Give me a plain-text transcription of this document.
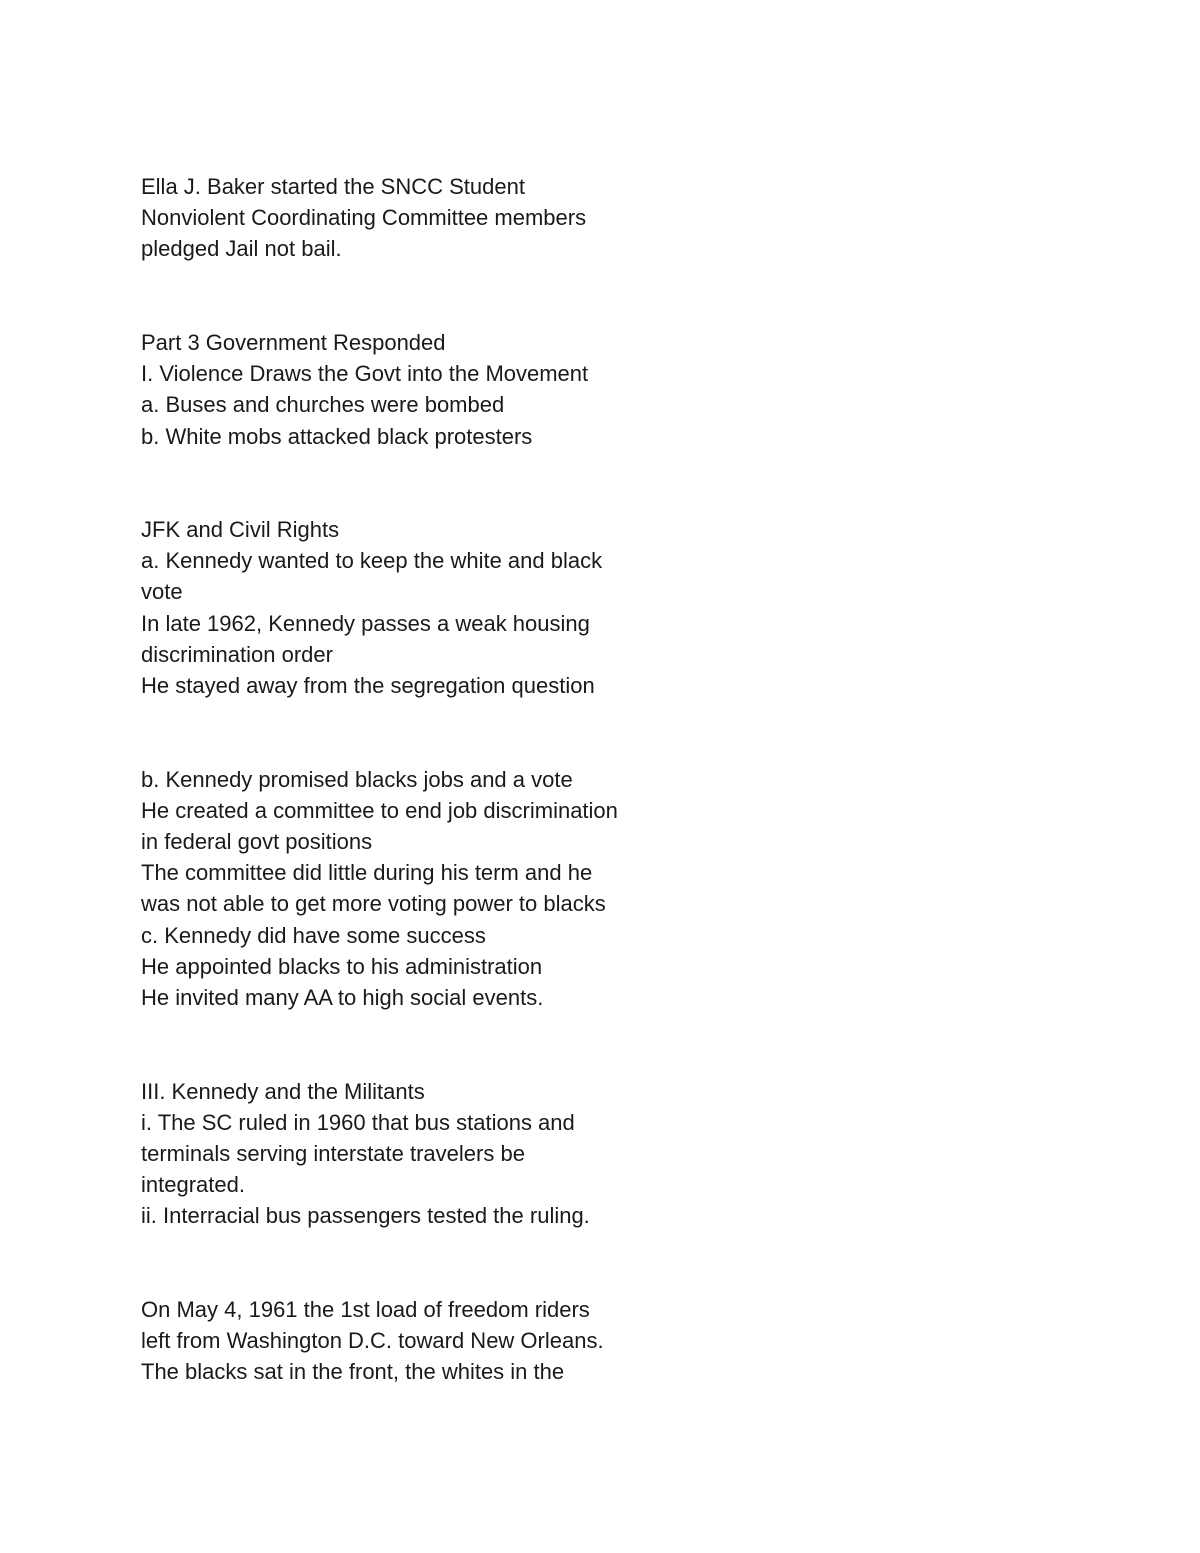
Ella J. Baker started the SNCC Student
Nonviolent Coordinating Committee members
pledged Jail not bail.
Part 3 Government Responded
I. Violence Draws the Govt into the Movement
a. Buses and churches were bombed
b. White mobs attacked black protesters
JFK and Civil Rights
a. Kennedy wanted to keep the white and black
vote
In late 1962, Kennedy passes a weak housing
discrimination order
He stayed away from the segregation question
b. Kennedy promised blacks jobs and a vote
He created a committee to end job discrimination
in federal govt positions
The committee did little during his term and he
was not able to get more voting power to blacks
c. Kennedy did have some success
He appointed blacks to his administration
He invited many AA to high social events.
III. Kennedy and the Militants
i. The SC ruled in 1960 that bus stations and
terminals serving interstate travelers be
integrated.
ii. Interracial bus passengers tested the ruling.
On May 4, 1961 the 1st load of freedom riders
left from Washington D.C. toward New Orleans.
The blacks sat in the front, the whites in the
